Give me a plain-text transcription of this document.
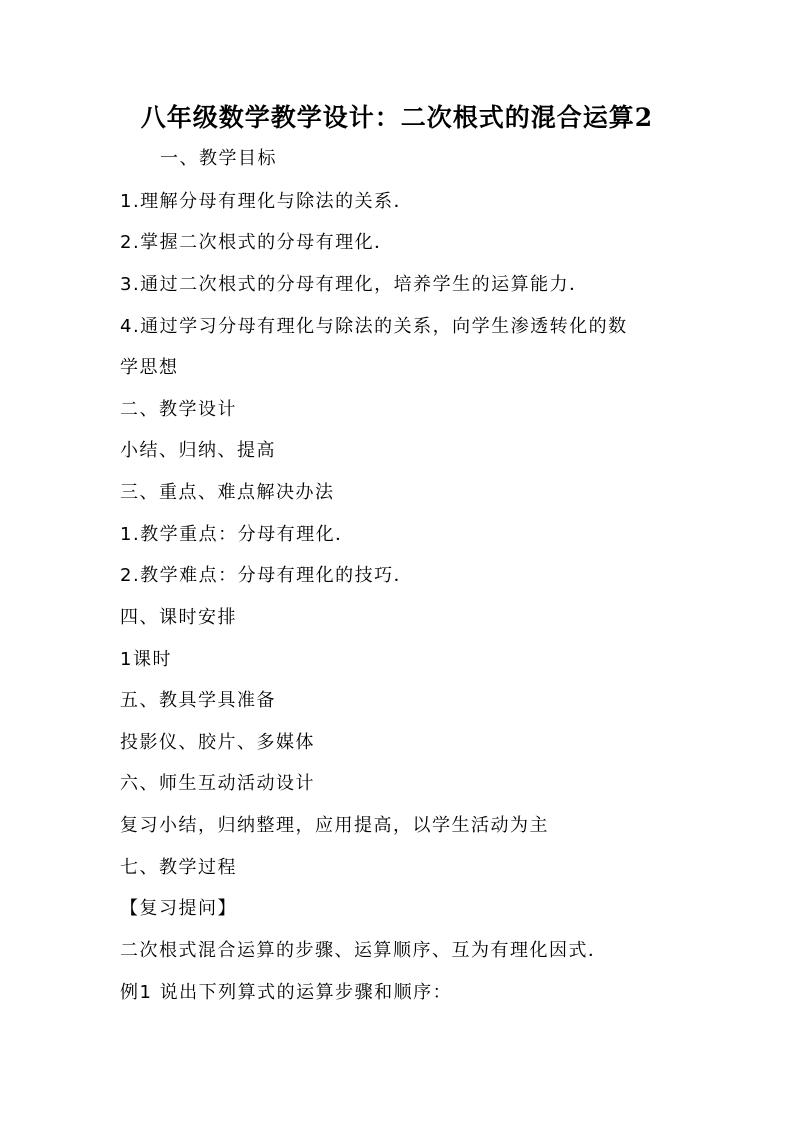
八年级数学教学设计：二次根式的混合运算2

一、教学目标

1.理解分母有理化与除法的关系．

2.掌握二次根式的分母有理化．

3.通过二次根式的分母有理化，培养学生的运算能力．

4.通过学习分母有理化与除法的关系，向学生渗透转化的数

学思想

二、教学设计

小结、归纳、提高

三、重点、难点解决办法

1.教学重点：分母有理化．

2.教学难点：分母有理化的技巧．

四、课时安排

1课时

五、教具学具准备

投影仪、胶片、多媒体

六、师生互动活动设计

复习小结，归纳整理，应用提高，以学生活动为主

七、教学过程

【复习提问】

二次根式混合运算的步骤、运算顺序、互为有理化因式．

例1 说出下列算式的运算步骤和顺序：
